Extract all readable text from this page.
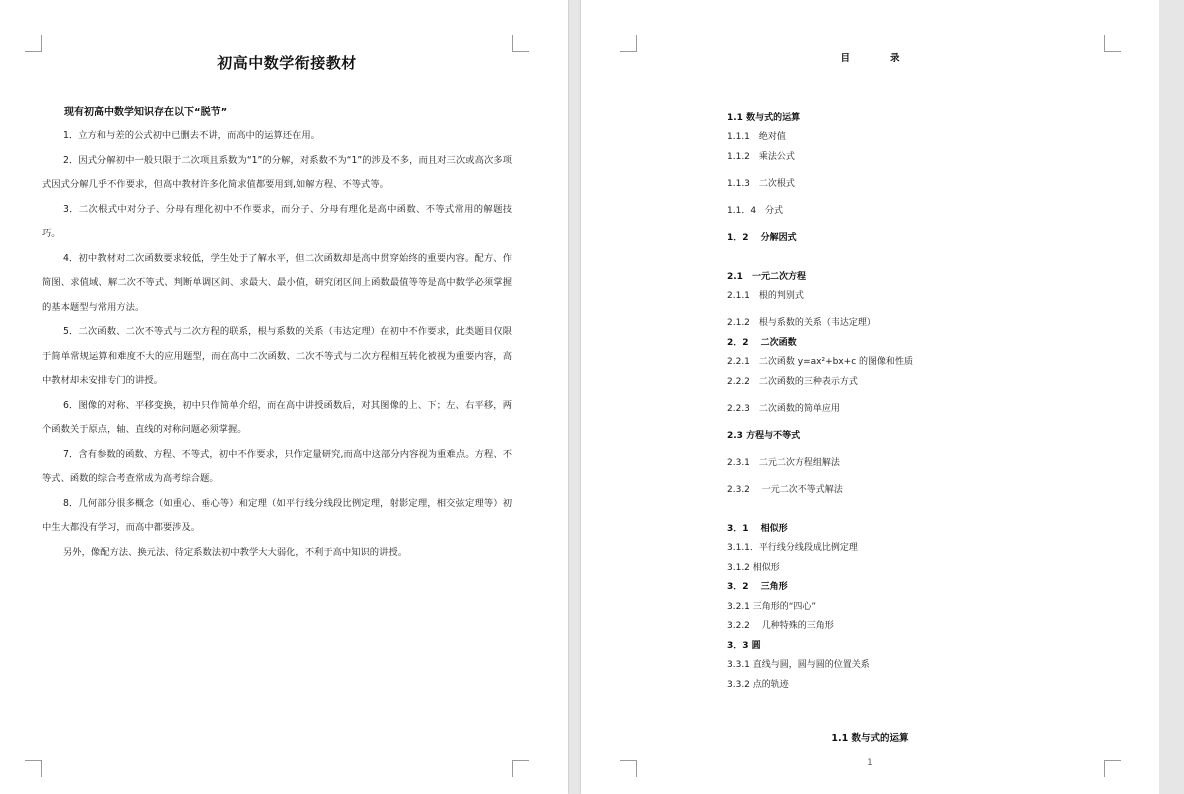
初高中数学衔接教材
现有初高中数学知识存在以下“脱节”

1．立方和与差的公式初中已删去不讲，而高中的运算还在用。

2．因式分解初中一般只限于二次项且系数为“1”的分解，对系数不为“1”的涉及不多，而且对三次或高次多项式因式分解几乎不作要求，但高中教材许多化简求值都要用到,如解方程、不等式等。

3．二次根式中对分子、分母有理化初中不作要求，而分子、分母有理化是高中函数、不等式常用的解题技巧。

4．初中教材对二次函数要求较低，学生处于了解水平，但二次函数却是高中贯穿始终的重要内容。配方、作简图、求值域、解二次不等式、判断单调区间、求最大、最小值，研究闭区间上函数最值等等是高中数学必须掌握的基本题型与常用方法。

5．二次函数、二次不等式与二次方程的联系，根与系数的关系（韦达定理）在初中不作要求，此类题目仅限于简单常规运算和难度不大的应用题型，而在高中二次函数、二次不等式与二次方程相互转化被视为重要内容，高中教材却未安排专门的讲授。

6．图像的对称、平移变换，初中只作简单介绍，而在高中讲授函数后，对其图像的上、下；左、右平移，两个函数关于原点，轴、直线的对称问题必须掌握。

7．含有参数的函数、方程、不等式，初中不作要求，只作定量研究,而高中这部分内容视为重难点。方程、不等式、函数的综合考查常成为高考综合题。

8．几何部分很多概念（如重心、垂心等）和定理（如平行线分线段比例定理，射影定理，相交弦定理等）初中生大都没有学习，而高中都要涉及。

另外，像配方法、换元法、待定系数法初中教学大大弱化，不利于高中知识的讲授。

目录
1.1 数与式的运算
1.1.1　绝对值
1.1.2　乘法公式
1.1.3　二次根式
1.1．4　分式
1．2　 分解因式
2.1　一元二次方程
2.1.1　根的判别式
2.1.2　根与系数的关系（韦达定理）
2．2　 二次函数
2.2.1　二次函数 y=ax²+bx+c 的图像和性质
2.2.2　二次函数的三种表示方式
2.2.3　二次函数的简单应用
2.3 方程与不等式
2.3.1　二元二次方程组解法
2.3.2　 一元二次不等式解法
3．1　 相似形
3.1.1．平行线分线段成比例定理
3.1.2 相似形
3．2　 三角形
3.2.1 三角形的“四心”
3.2.2　 几种特殊的三角形
3．3 圆
3.3.1 直线与圆，圆与圆的位置关系
3.3.2 点的轨迹
1.1 数与式的运算
1
